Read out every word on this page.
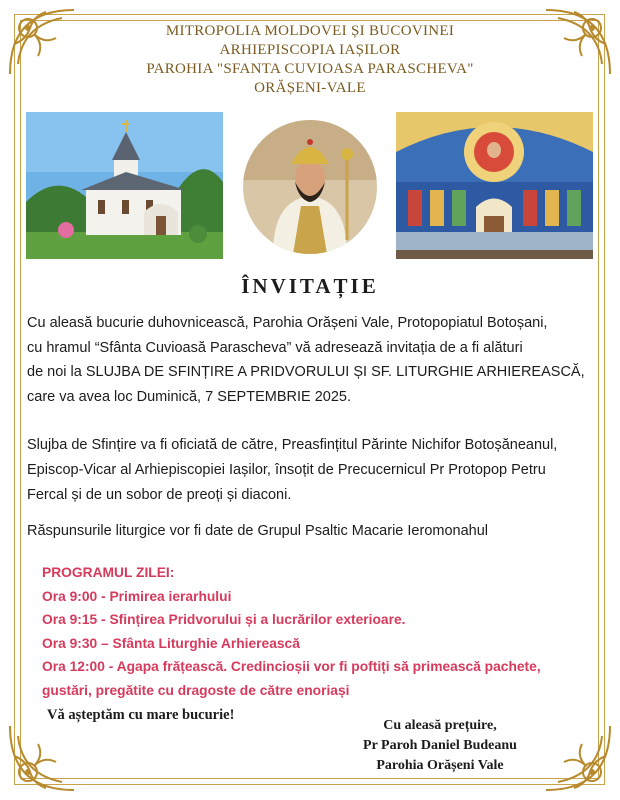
MITROPOLIA MOLDOVEI ȘI BUCOVINEI
ARHIEPISCOPIA IAȘILOR
PAROHIA "SFANTA CUVIOASA PARASCHEVA"
ORĂȘENI-VALE
ÎNVITAȚIE
Cu aleasă bucurie duhovnicească, Parohia Orășeni Vale, Protopopiatul Botoșani,
cu hramul “Sfânta Cuvioasă Parascheva” vă adresează invitația de a fi alături
de noi la SLUJBA DE SFINȚIRE A PRIDVORULUI ȘI SF. LITURGHIE ARHIEREASCĂ,
care va avea loc Duminică, 7 SEPTEMBRIE 2025.
Slujba de Sfințire va fi oficiată de către, Preasfințitul Părinte Nichifor Botoșăneanul,
Episcop-Vicar al Arhiepiscopiei Iașilor, însoțit de Precucernicul Pr Protopop Petru
Fercal și de un sobor de preoți și diaconi.
Răspunsurile liturgice vor fi date de Grupul Psaltic Macarie Ieromonahul
PROGRAMUL ZILEI:
Ora 9:00 - Primirea ierarhului
Ora 9:15 - Sfințirea Pridvorului și a lucrărilor exterioare.
Ora 9:30 – Sfânta Liturghie Arhierească
Ora 12:00 - Agapa frățească. Credincioșii vor fi poftiți să primească pachete,
gustări, pregătite cu dragoste de către enoriași
Vă așteptăm cu mare bucurie!
Cu aleasă prețuire,
Pr Paroh Daniel Budeanu
Parohia Orășeni Vale
